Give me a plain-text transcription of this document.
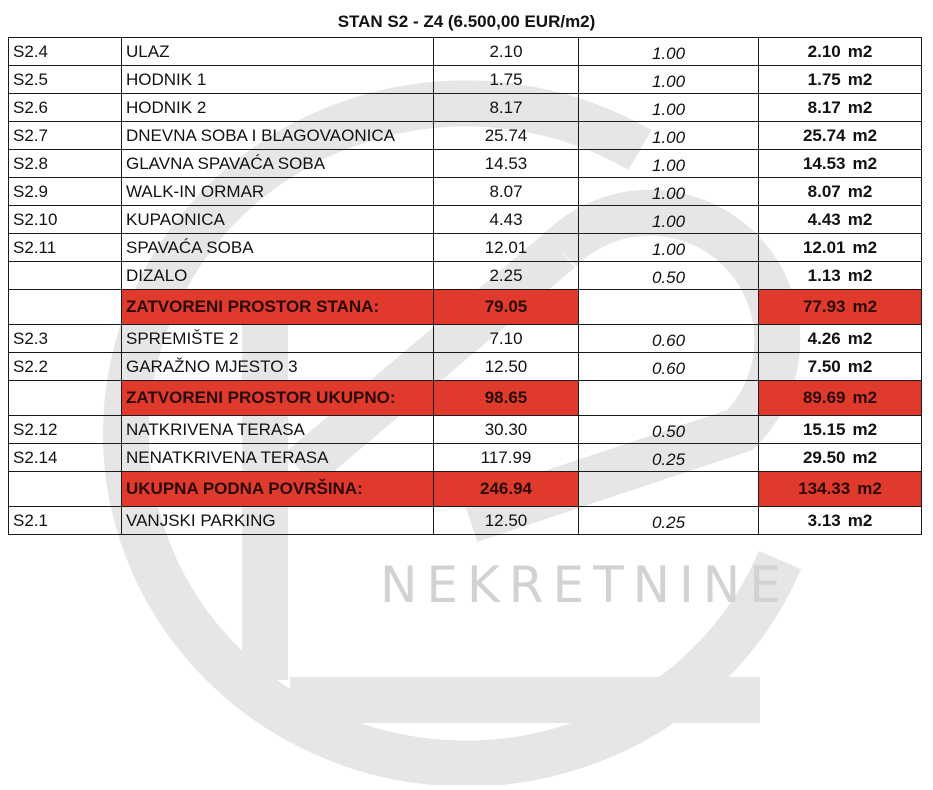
NEKRETNINE
STAN S2 - Z4 (6.500,00 EUR/m2)
S2.4	ULAZ	2.10	1.00	2.10 m2
S2.5	HODNIK 1	1.75	1.00	1.75 m2
S2.6	HODNIK 2	8.17	1.00	8.17 m2
S2.7	DNEVNA SOBA I BLAGOVAONICA	25.74	1.00	25.74 m2
S2.8	GLAVNA SPAVAĆA SOBA	14.53	1.00	14.53 m2
S2.9	WALK-IN ORMAR	8.07	1.00	8.07 m2
S2.10	KUPAONICA	4.43	1.00	4.43 m2
S2.11	SPAVAĆA SOBA	12.01	1.00	12.01 m2
	DIZALO	2.25	0.50	1.13 m2
	ZATVORENI PROSTOR STANA:	79.05		77.93 m2
S2.3	SPREMIŠTE 2	7.10	0.60	4.26 m2
S2.2	GARAŽNO MJESTO 3	12.50	0.60	7.50 m2
	ZATVORENI PROSTOR UKUPNO:	98.65		89.69 m2
S2.12	NATKRIVENA TERASA	30.30	0.50	15.15 m2
S2.14	NENATKRIVENA TERASA	117.99	0.25	29.50 m2
	UKUPNA PODNA POVRŠINA:	246.94		134.33 m2
S2.1	VANJSKI PARKING	12.50	0.25	3.13 m2
